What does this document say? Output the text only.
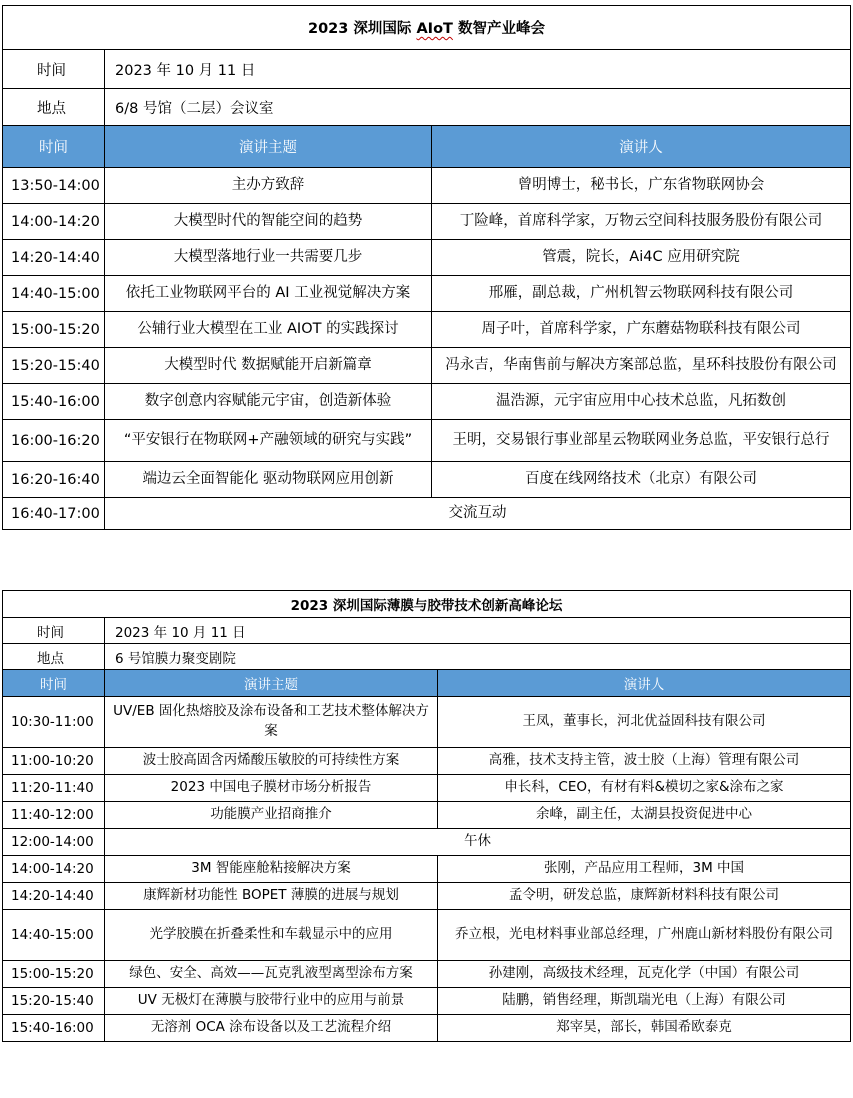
2023 深圳国际 AIoT 数智产业峰会		
时间	2023 年 10 月 11 日	
地点	6/8 号馆（二层）会议室	
时间	演讲主题	演讲人
13:50-14:00	主办方致辞	曾明博士，秘书长，广东省物联网协会
14:00-14:20	大模型时代的智能空间的趋势	丁险峰，首席科学家，万物云空间科技服务股份有限公司
14:20-14:40	大模型落地行业一共需要几步	管震，院长，Ai4C 应用研究院
14:40-15:00	依托工业物联网平台的 AI 工业视觉解决方案	邢雁，副总裁，广州机智云物联网科技有限公司
15:00-15:20	公辅行业大模型在工业 AIOT 的实践探讨	周子叶，首席科学家，广东蘑菇物联科技有限公司
15:20-15:40	大模型时代 数据赋能开启新篇章	冯永吉，华南售前与解决方案部总监，星环科技股份有限公司
15:40-16:00	数字创意内容赋能元宇宙，创造新体验	温浩源，元宇宙应用中心技术总监，凡拓数创
16:00-16:20	“平安银行在物联网+产融领域的研究与实践”	王明，交易银行事业部星云物联网业务总监，平安银行总行
16:20-16:40	端边云全面智能化 驱动物联网应用创新	百度在线网络技术（北京）有限公司
16:40-17:00	交流互动	
2023 深圳国际薄膜与胶带技术创新高峰论坛		
时间	2023 年 10 月 11 日	
地点	6 号馆膜力聚变剧院	
时间	演讲主题	演讲人
10:30-11:00	UV/EB 固化热熔胶及涂布设备和工艺技术整体解决方案	王凤，董事长，河北优益固科技有限公司
11:00-10:20	波士胶高固含丙烯酸压敏胶的可持续性方案	高雅，技术支持主管，波士胶（上海）管理有限公司
11:20-11:40	2023 中国电子膜材市场分析报告	申长科，CEO，有材有料&模切之家&涂布之家
11:40-12:00	功能膜产业招商推介	余峰，副主任，太湖县投资促进中心
12:00-14:00	午休	
14:00-14:20	3M 智能座舱粘接解决方案	张刚，产品应用工程师，3M 中国
14:20-14:40	康辉新材功能性 BOPET 薄膜的进展与规划	孟令明，研发总监，康辉新材料科技有限公司
14:40-15:00	光学胶膜在折叠柔性和车载显示中的应用	乔立根，光电材料事业部总经理，广州鹿山新材料股份有限公司
15:00-15:20	绿色、安全、高效——瓦克乳液型离型涂布方案	孙建刚，高级技术经理，瓦克化学（中国）有限公司
15:20-15:40	UV 无极灯在薄膜与胶带行业中的应用与前景	陆鹏，销售经理，斯凯瑞光电（上海）有限公司
15:40-16:00	无溶剂 OCA 涂布设备以及工艺流程介绍	郑宰昊，部长，韩国希欧泰克
